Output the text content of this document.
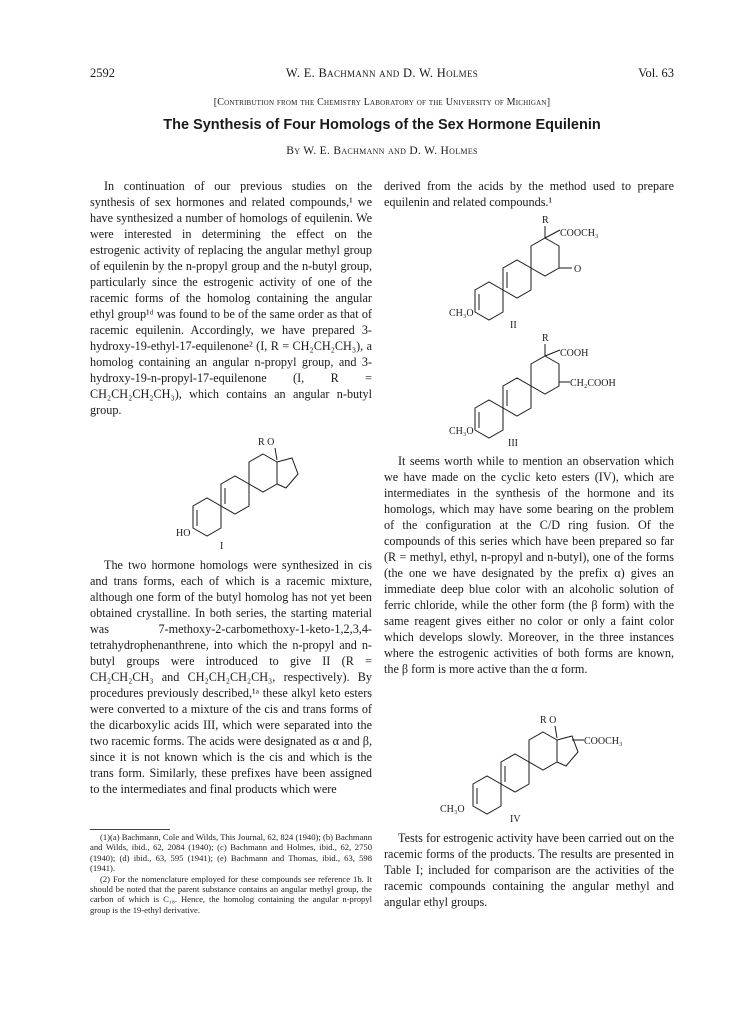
2592	W. E. Bachmann and D. W. Holmes	Vol. 63
[Contribution from the Chemistry Laboratory of the University of Michigan]
The Synthesis of Four Homologs of the Sex Hormone Equilenin
By W. E. Bachmann and D. W. Holmes

In continuation of our previous studies on the synthesis of sex hormones and related compounds,¹ we have synthesized a number of homologs of equilenin. We were interested in determining the effect on the estrogenic activity of replacing the angular methyl group of equilenin by the n-propyl group and the n-butyl group, particularly since the estrogenic activity of one of the racemic forms of the homolog containing the angular ethyl group¹ᵈ was found to be of the same order as that of racemic equilenin. Accordingly, we have prepared 3-hydroxy-19-ethyl-17-equilenone² (I, R = CH₂CH₂CH₃), a homolog containing an angular n-propyl group, and 3-hydroxy-19-n-propyl-17-equilenone (I, R = CH₂CH₂CH₂CH₃), which contains an angular n-butyl group.

R O
HO
I

The two hormone homologs were synthesized in cis and trans forms, each of which is a racemic mixture, although one form of the butyl homolog has not yet been obtained crystalline. In both series, the starting material was 7-methoxy-2-carbomethoxy-1-keto-1,2,3,4-tetrahydrophenanthrene, into which the n-propyl and n-butyl groups were introduced to give II (R = CH₂CH₂CH₃ and CH₂CH₂CH₂CH₃, respectively). By procedures previously described,¹ᵃ these alkyl keto esters were converted to a mixture of the cis and trans forms of the dicarboxylic acids III, which were separated into the two racemic forms. The acids were designated as α and β, since it is not known which is the cis and which is the trans form. Similarly, these prefixes have been assigned to the intermediates and final products which were

(1)(a) Bachmann, Cole and Wilds, This Journal, 62, 824 (1940); (b) Bachmann and Wilds, ibid., 62, 2084 (1940); (c) Bachmann and Holmes, ibid., 62, 2750 (1940); (d) ibid., 63, 595 (1941); (e) Bachmann and Thomas, ibid., 63, 598 (1941).

(2) For the nomenclature employed for these compounds see reference 1b. It should be noted that the parent substance contains an angular methyl group, the carbon of which is C₁₈. Hence, the homolog containing the angular n-propyl group is the 19-ethyl derivative.

derived from the acids by the method used to prepare equilenin and related compounds.¹

R
COOCH₃
O
CH₃O
II
R
COOH
CH₂COOH
CH₃O
III

It seems worth while to mention an observation which we have made on the cyclic keto esters (IV), which are intermediates in the synthesis of the hormone and its homologs, which may have some bearing on the problem of the configuration at the C/D ring fusion. Of the compounds of this series which have been prepared so far (R = methyl, ethyl, n-propyl and n-butyl), one of the forms (the one we have designated by the prefix α) gives an immediate deep blue color with an alcoholic solution of ferric chloride, while the other form (the β form) with the same reagent gives either no color or only a faint color which develops slowly. Moreover, in the three instances where the estrogenic activities of both forms are known, the β form is more active than the α form.

R O
COOCH₃
CH₃O
IV

Tests for estrogenic activity have been carried out on the racemic forms of the products. The results are presented in Table I; included for comparison are the activities of the racemic compounds containing the angular methyl and angular ethyl groups.
